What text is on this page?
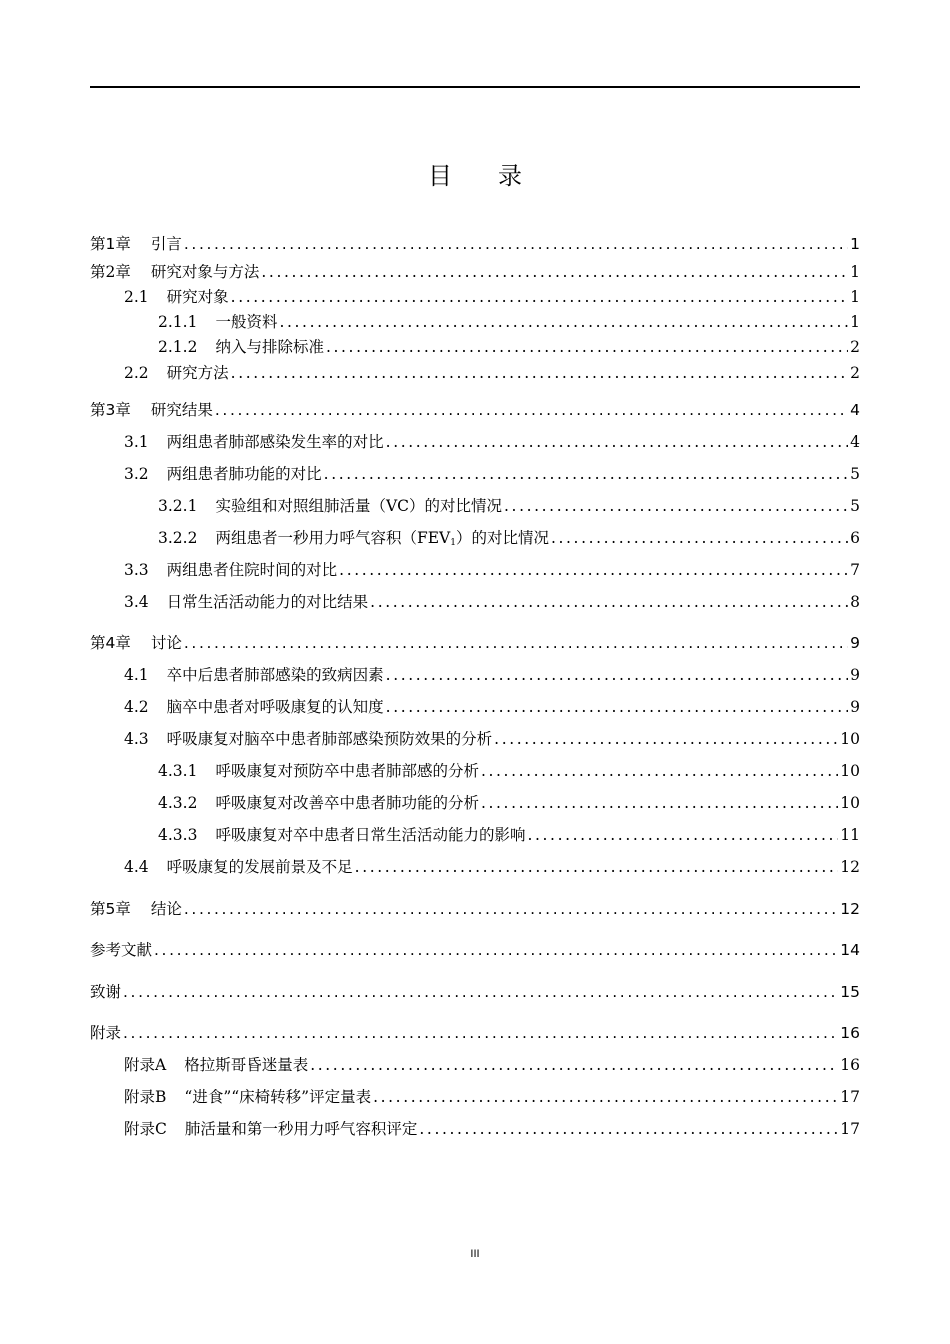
目 录
第1章 引言 .....	1
第2章 研究对象与方法 .....	1
2.1 研究对象 .....	1
2.1.1 一般资料 .....	1
2.1.2 纳入与排除标准 .....	2
2.2 研究方法 .....	2
第3章 研究结果 .....	4
3.1 两组患者肺部感染发生率的对比 .....	4
3.2 两组患者肺功能的对比 .....	5
3.2.1 实验组和对照组肺活量（VC）的对比情况 .....	5
3.2.2 两组患者一秒用力呼气容积$(FEV_1)$的对比情况 .....	6
3.3 两组患者住院时间的对比 .....	7
3.4 日常生活活动能力的对比结果 .....	8
第4章 讨论 .....	9
4.1 卒中后患者肺部感染的致病因素 .....	9
4.2 脑卒中患者对呼吸康复的认知度 .....	9
4.3 呼吸康复对脑卒中患者肺部感染预防效果的分析 .....	10
4.3.1 呼吸康复对预防卒中患者肺部感的分析 .....	10
4.3.2 呼吸康复对改善卒中患者肺功能的分析 .....	10
4.3.3 呼吸康复对卒中患者日常生活活动能力的影响 .....	11
4.4 呼吸康复的发展前景及不足 .....	12
第5章 结论 .....	12
参考文献 .....	14
致谢 .....	15
附录 .....	16
附录A 格拉斯哥昏迷量表 .....	16
附录B “进食”“床椅转移”评定量表 .....	17
附录C 肺活量和第一秒用力呼气容积评定 .....	17
III
